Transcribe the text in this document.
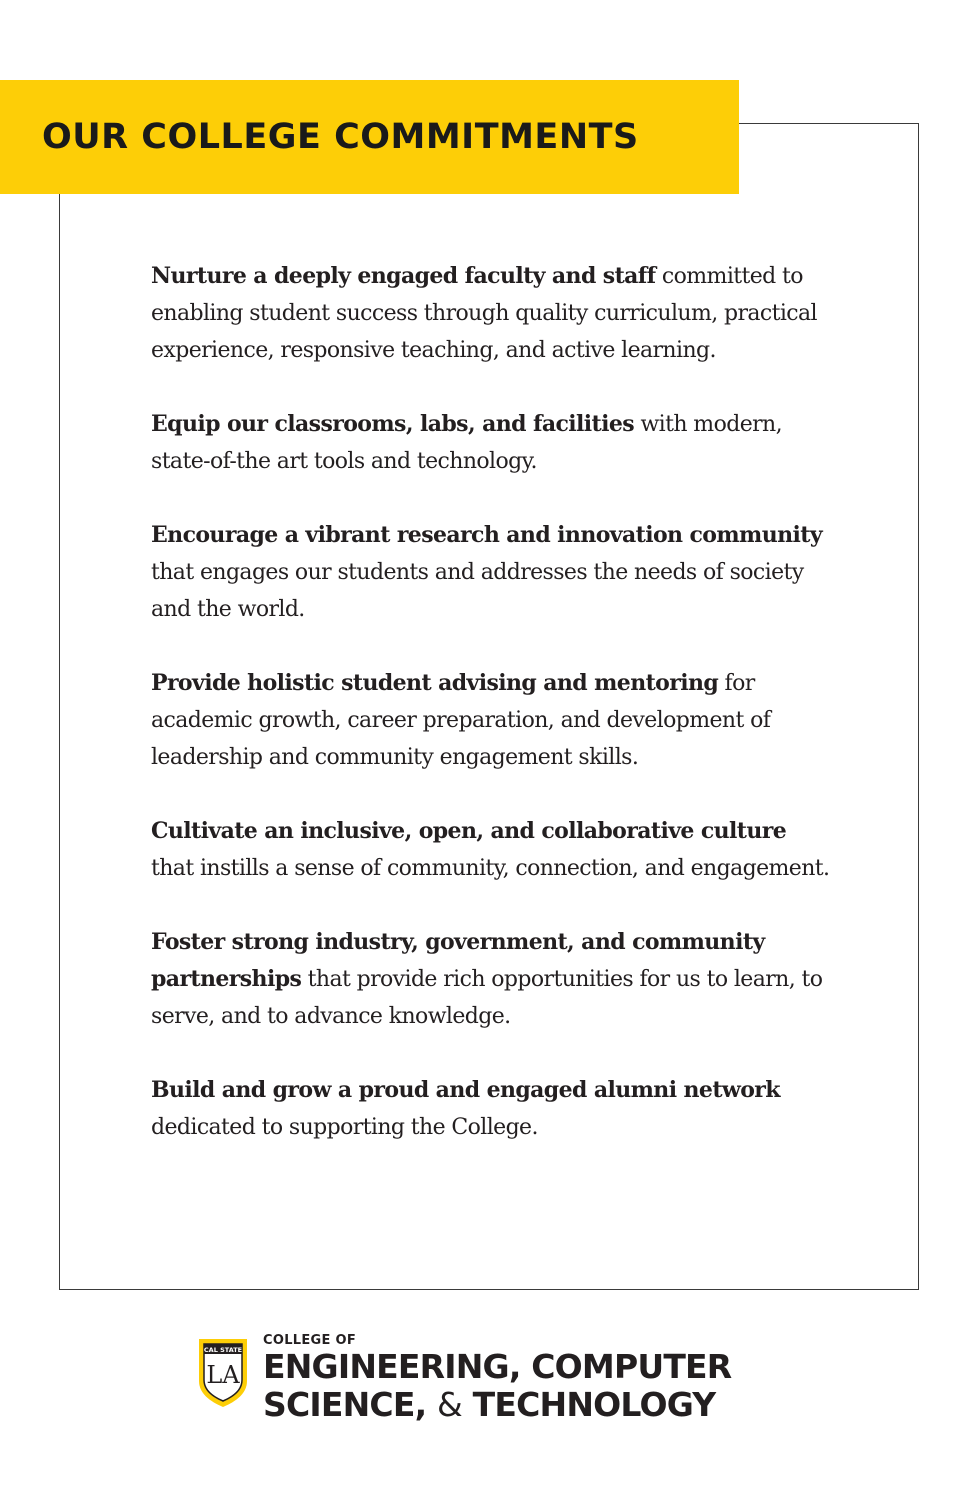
OUR COLLEGE COMMITMENTS

Nurture a deeply engaged faculty and staff committed to enabling student success through quality curriculum, practical experience, responsive teaching, and active learning.

Equip our classrooms, labs, and facilities with modern, state-of-the art tools and technology.

Encourage a vibrant research and innovation community that engages our students and addresses the needs of society and the world.

Provide holistic student advising and mentoring for academic growth, career preparation, and development of leadership and community engagement skills.

Cultivate an inclusive, open, and collaborative culture that instills a sense of community, connection, and engagement.

Foster strong industry, government, and community partnerships that provide rich opportunities for us to learn, to serve, and to advance knowledge.

Build and grow a proud and engaged alumni network dedicated to supporting the College.

CAL STATE
LA
COLLEGE OF
ENGINEERING, COMPUTER
SCIENCE, & TECHNOLOGY
